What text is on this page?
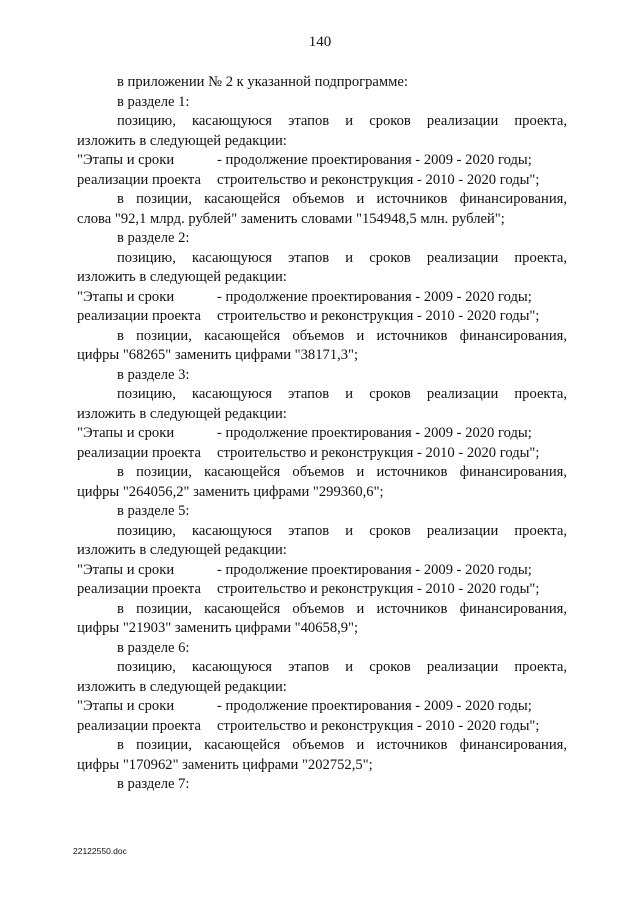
140
в приложении № 2 к указанной подпрограмме:
в разделе 1:
позицию, касающуюся этапов и сроков реализации проекта,
изложить в следующей редакции:
"Этапы и сроки	- продолжение проектирования - 2009 - 2020 годы;
реализации проекта	строительство и реконструкция - 2010 - 2020 годы";
в позиции, касающейся объемов и источников финансирования,
слова "92,1 млрд. рублей" заменить словами "154948,5 млн. рублей";
в разделе 2:
позицию, касающуюся этапов и сроков реализации проекта,
изложить в следующей редакции:
"Этапы и сроки	- продолжение проектирования - 2009 - 2020 годы;
реализации проекта	строительство и реконструкция - 2010 - 2020 годы";
в позиции, касающейся объемов и источников финансирования,
цифры "68265" заменить цифрами "38171,3";
в разделе 3:
позицию, касающуюся этапов и сроков реализации проекта,
изложить в следующей редакции:
"Этапы и сроки	- продолжение проектирования - 2009 - 2020 годы;
реализации проекта	строительство и реконструкция - 2010 - 2020 годы";
в позиции, касающейся объемов и источников финансирования,
цифры "264056,2" заменить цифрами "299360,6";
в разделе 5:
позицию, касающуюся этапов и сроков реализации проекта,
изложить в следующей редакции:
"Этапы и сроки	- продолжение проектирования - 2009 - 2020 годы;
реализации проекта	строительство и реконструкция - 2010 - 2020 годы";
в позиции, касающейся объемов и источников финансирования,
цифры "21903" заменить цифрами "40658,9";
в разделе 6:
позицию, касающуюся этапов и сроков реализации проекта,
изложить в следующей редакции:
"Этапы и сроки	- продолжение проектирования - 2009 - 2020 годы;
реализации проекта	строительство и реконструкция - 2010 - 2020 годы";
в позиции, касающейся объемов и источников финансирования,
цифры "170962" заменить цифрами "202752,5";
в разделе 7:
22122550.doc
